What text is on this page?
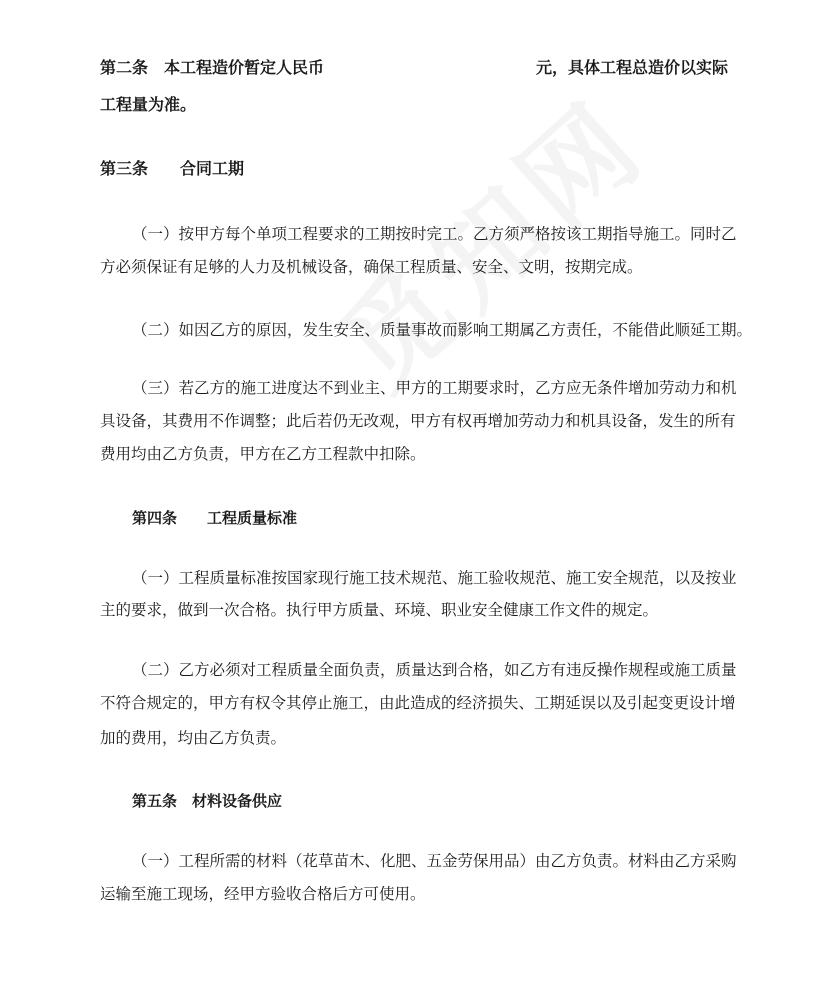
第二条　本工程造价暂定人民币	元，具体工程总造价以实际
工程量为准。
第三条　　合同工期
（一）按甲方每个单项工程要求的工期按时完工。乙方须严格按该工期指导施工。同时乙
方必须保证有足够的人力及机械设备，确保工程质量、安全、文明，按期完成。
（二）如因乙方的原因，发生安全、质量事故而影响工期属乙方责任，不能借此顺延工期。
（三）若乙方的施工进度达不到业主、甲方的工期要求时，乙方应无条件增加劳动力和机
具设备，其费用不作调整；此后若仍无改观，甲方有权再增加劳动力和机具设备，发生的所有
费用均由乙方负责，甲方在乙方工程款中扣除。
第四条　　工程质量标准
（一）工程质量标准按国家现行施工技术规范、施工验收规范、施工安全规范，以及按业
主的要求，做到一次合格。执行甲方质量、环境、职业安全健康工作文件的规定。
（二）乙方必须对工程质量全面负责，质量达到合格，如乙方有违反操作规程或施工质量
不符合规定的，甲方有权令其停止施工，由此造成的经济损失、工期延误以及引起变更设计增
加的费用，均由乙方负责。
第五条　材料设备供应
（一）工程所需的材料（花草苗木、化肥、五金劳保用品）由乙方负责。材料由乙方采购
运输至施工现场，经甲方验收合格后方可使用。
